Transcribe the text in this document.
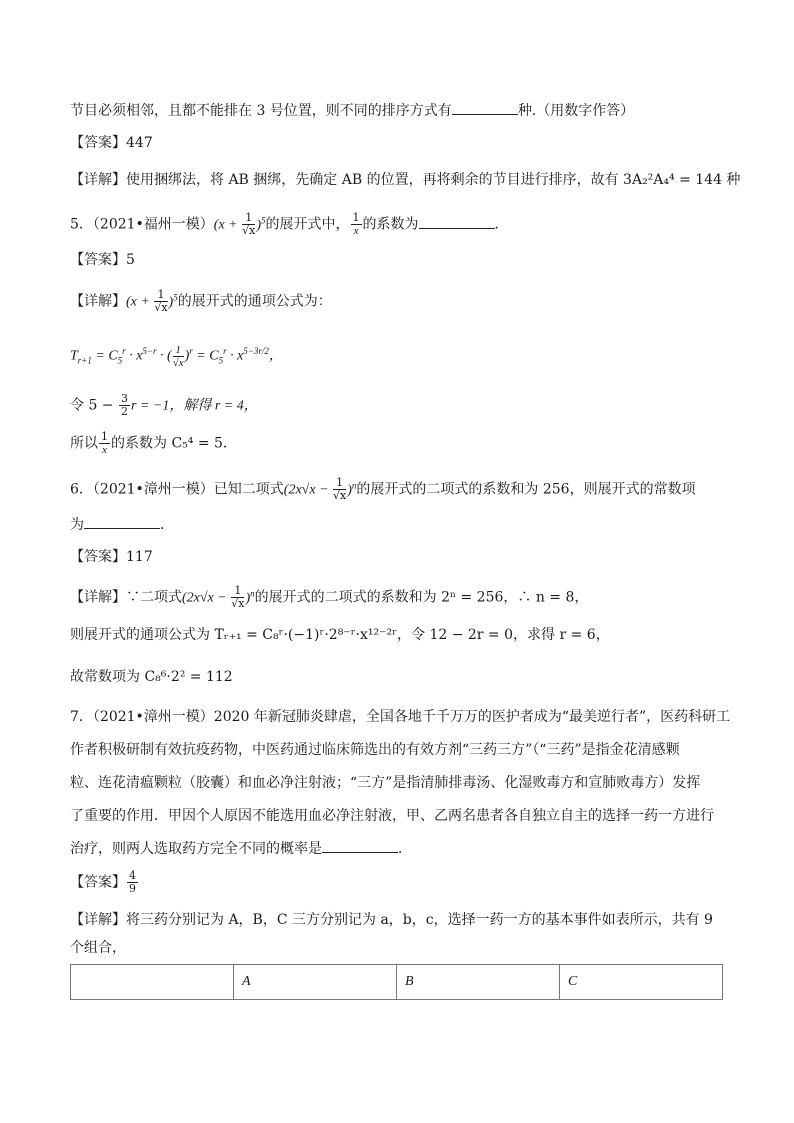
节目必须相邻，且都不能排在 3 号位置，则不同的排序方式有	种.（用数字作答）
【答案】447
【详解】使用捆绑法，将 AB 捆绑，先确定 AB 的位置，再将剩余的节目进行排序，故有 3A₂²A₄⁴ = 144 种
5．（2021•福州一模）$(x + \frac{1}{√x} )^5$的展开式中， $\frac{1}{x}$ 的系数为	．
【答案】5
【详解】$(x + \frac{1}{√x} )^5$的展开式的通项公式为：
$T_{r+1} = C_5^r \cdot x^{5-r}$ · ( $\frac{1}{√x} )^r = C_5^r \cdot x^{5-3r/2}$，
令 $5 - \frac{3}{2}$ r = −1，解得 r = 4，
所以 $\frac{1}{x}$ 的系数为 C₅⁴ = 5．
6．（2021•漳州一模）已知二项式$(2x√x - \frac{1}{√x} )^n$的展开式的二项式的系数和为 256，则展开式的常数项
为	．
【答案】117
【详解】∵二项式$(2x√x - \frac{1}{√x} )^n$的展开式的二项式的系数和为 2ⁿ = 256，∴ n = 8，
则展开式的通项公式为 Tᵣ₊₁ = C₈ʳ·(−1)ʳ·2⁸⁻ʳ·x¹²⁻²ʳ，令 12 − 2r = 0，求得 r = 6，
故常数项为 C₈⁶·2² = 112
7．（2021•漳州一模）2020 年新冠肺炎肆虐，全国各地千千万万的医护者成为“最美逆行者”，医药科研工
作者积极研制有效抗疫药物，中医药通过临床筛选出的有效方剂“三药三方”（“三药”是指金花清感颗
粒、连花清瘟颗粒（胶囊）和血必净注射液；“三方”是指清肺排毒汤、化湿败毒方和宣肺败毒方）发挥
了重要的作用．甲因个人原因不能选用血必净注射液，甲、乙两名患者各自独立自主的选择一药一方进行
治疗，则两人选取药方完全不同的概率是	．
【答案】 $\frac{4}{9}$
【详解】将三药分别记为 A，B，C 三方分别记为 a，b，c，选择一药一方的基本事件如表所示，共有 9
个组合，
	A	B	C
